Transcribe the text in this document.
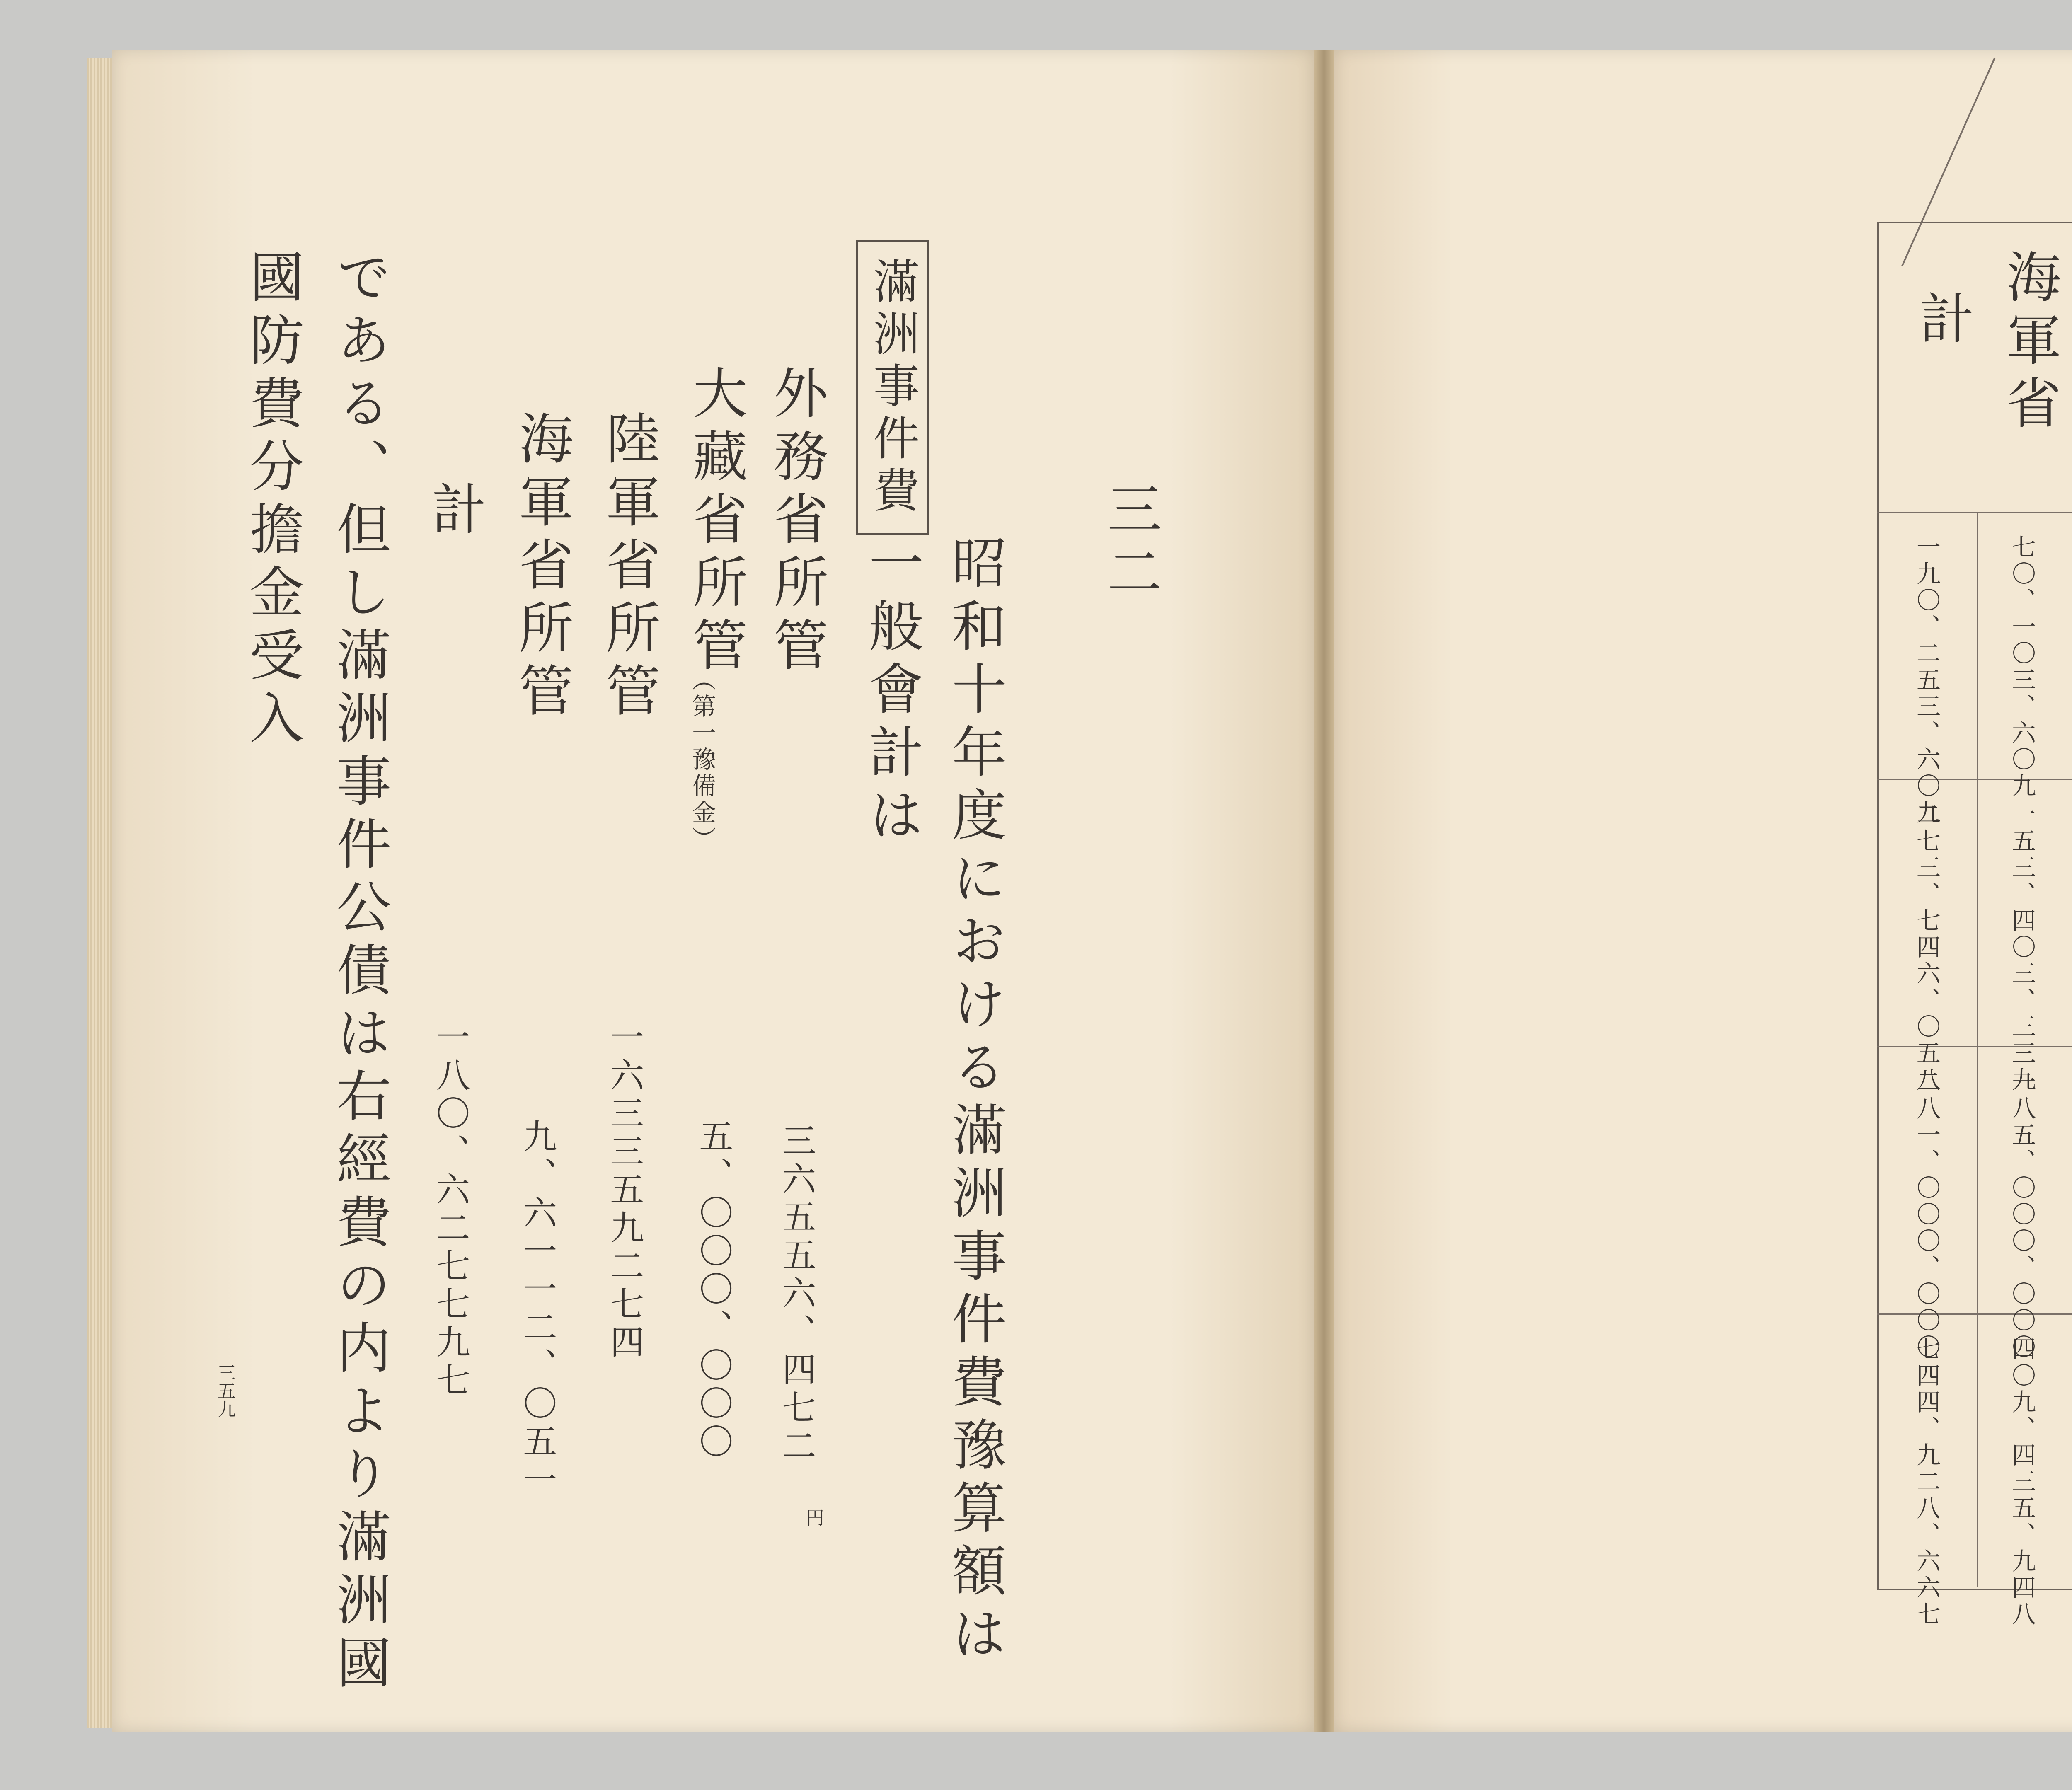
三二
滿洲事件費
昭和十年度における滿洲事件費豫算額は
一般會計は
外務省所管
三六五五六、四七二
大藏省所管
（第一豫備金）
五、〇〇〇、〇〇〇
陸軍省所管
一六三三五九二七四
海軍省所管
九、六一一二、〇五一
計
一八〇、六二七七九七
円
である、但し滿洲事件公債は右經費の内より滿洲國
國防費分擔金受入
三五九
海軍省
計
七〇、一〇三、六〇九
一九〇、二五三、六〇九
一五三、四〇三、三三九
二七三、七四六、〇五八
一八五、〇〇〇、〇〇〇
二八一、〇〇〇、〇〇〇
四〇九、四三五、九四八
七四四、九二八、六六七
